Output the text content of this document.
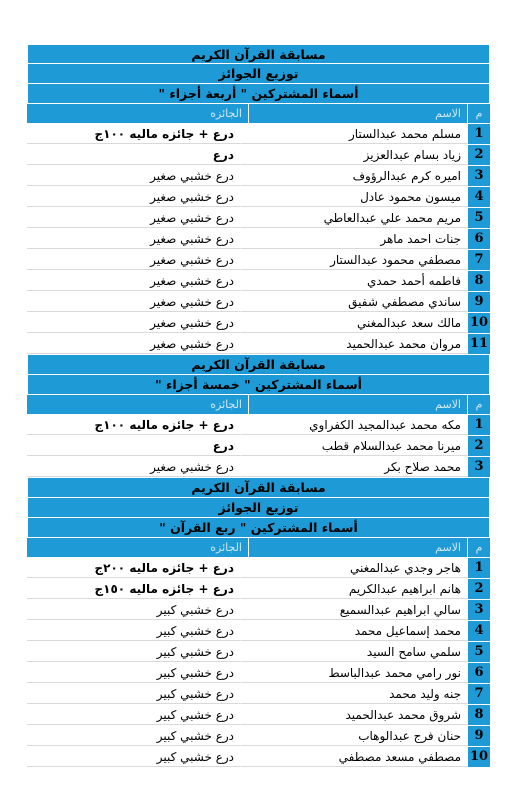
مسابقة القرآن الكريم
توزيع الجوائز
أسماء المشتركين " أربعة أجزاء "
م
الاسم
الجائزه
1
مسلم محمد عبدالستار
درع + جائزه ماليه ١٠٠ج
2
زياد بسام عبدالعزيز
درع
3
اميره كرم عبدالرؤوف
درع خشبي صغير
4
ميسون محمود عادل
درع خشبي صغير
5
مريم محمد علي عبدالعاطي
درع خشبي صغير
6
جنات احمد ماهر
درع خشبي صغير
7
مصطفي محمود عبدالستار
درع خشبي صغير
8
فاطمه أحمد حمدي
درع خشبي صغير
9
ساندي مصطفي شفيق
درع خشبي صغير
10
مالك سعد عبدالمغني
درع خشبي صغير
11
مروان محمد عبدالحميد
درع خشبي صغير
مسابقة القرآن الكريم
أسماء المشتركين " خمسة أجزاء "
م
الاسم
الجائزه
1
مكه محمد عبدالمجيد الكفراوي
درع + جائزه ماليه ١٠٠ج
2
ميرنا محمد عبدالسلام قطب
درع
3
محمد صلاح بكر
درع خشبي صغير
مسابقة القرآن الكريم
توزيع الجوائز
أسماء المشتركين " ربع القرآن "
م
الاسم
الجائزه
1
هاجر وجدي عبدالمغني
درع + جائزه ماليه ٢٠٠ج
2
هانم ابراهيم عبدالكريم
درع + جائزه ماليه ١٥٠ج
3
سالي ابراهيم عبدالسميع
درع خشبي كبير
4
محمد إسماعيل محمد
درع خشبي كبير
5
سلمي سامح السيد
درع خشبي كبير
6
نور رامي محمد عبدالباسط
درع خشبي كبير
7
جنه وليد محمد
درع خشبي كبير
8
شروق محمد عبدالحميد
درع خشبي كبير
9
حنان فرج عبدالوهاب
درع خشبي كبير
10
مصطفي مسعد مصطفي
درع خشبي كبير
